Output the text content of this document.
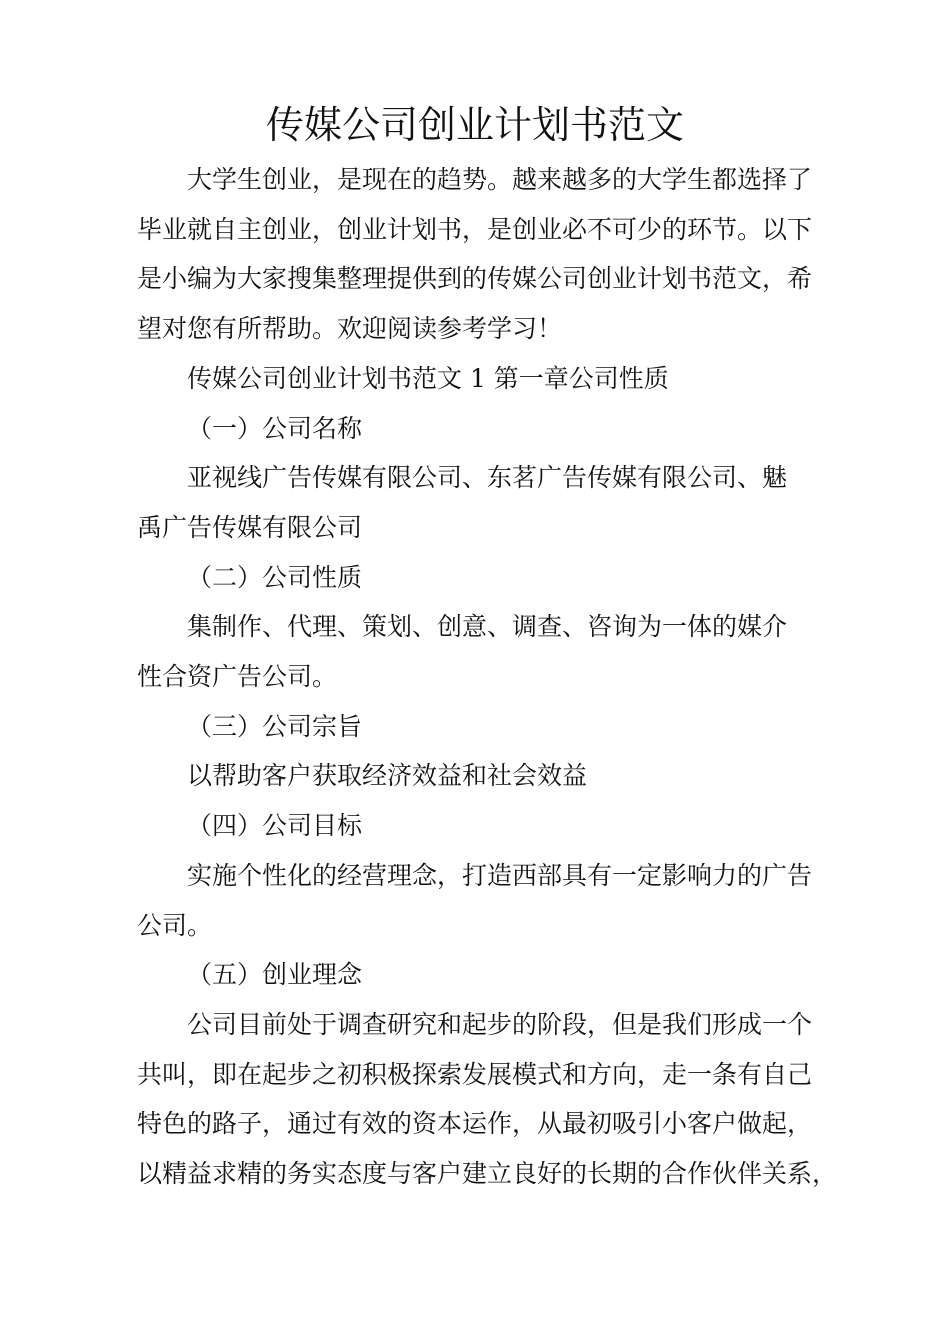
传媒公司创业计划书范文
大学生创业，是现在的趋势。越来越多的大学生都选择了
毕业就自主创业，创业计划书，是创业必不可少的环节。以下
是小编为大家搜集整理提供到的传媒公司创业计划书范文，希
望对您有所帮助。欢迎阅读参考学习！
传媒公司创业计划书范文 1 第一章公司性质
（一）公司名称
亚视线广告传媒有限公司、东茗广告传媒有限公司、魅
禹广告传媒有限公司
（二）公司性质
集制作、代理、策划、创意、调查、咨询为一体的媒介
性合资广告公司。
（三）公司宗旨
以帮助客户获取经济效益和社会效益
（四）公司目标
实施个性化的经营理念，打造西部具有一定影响力的广告
公司。
（五）创业理念
公司目前处于调查研究和起步的阶段，但是我们形成一个
共叫，即在起步之初积极探索发展模式和方向，走一条有自己
特色的路子，通过有效的资本运作，从最初吸引小客户做起，
以精益求精的务实态度与客户建立良好的长期的合作伙伴关系，
